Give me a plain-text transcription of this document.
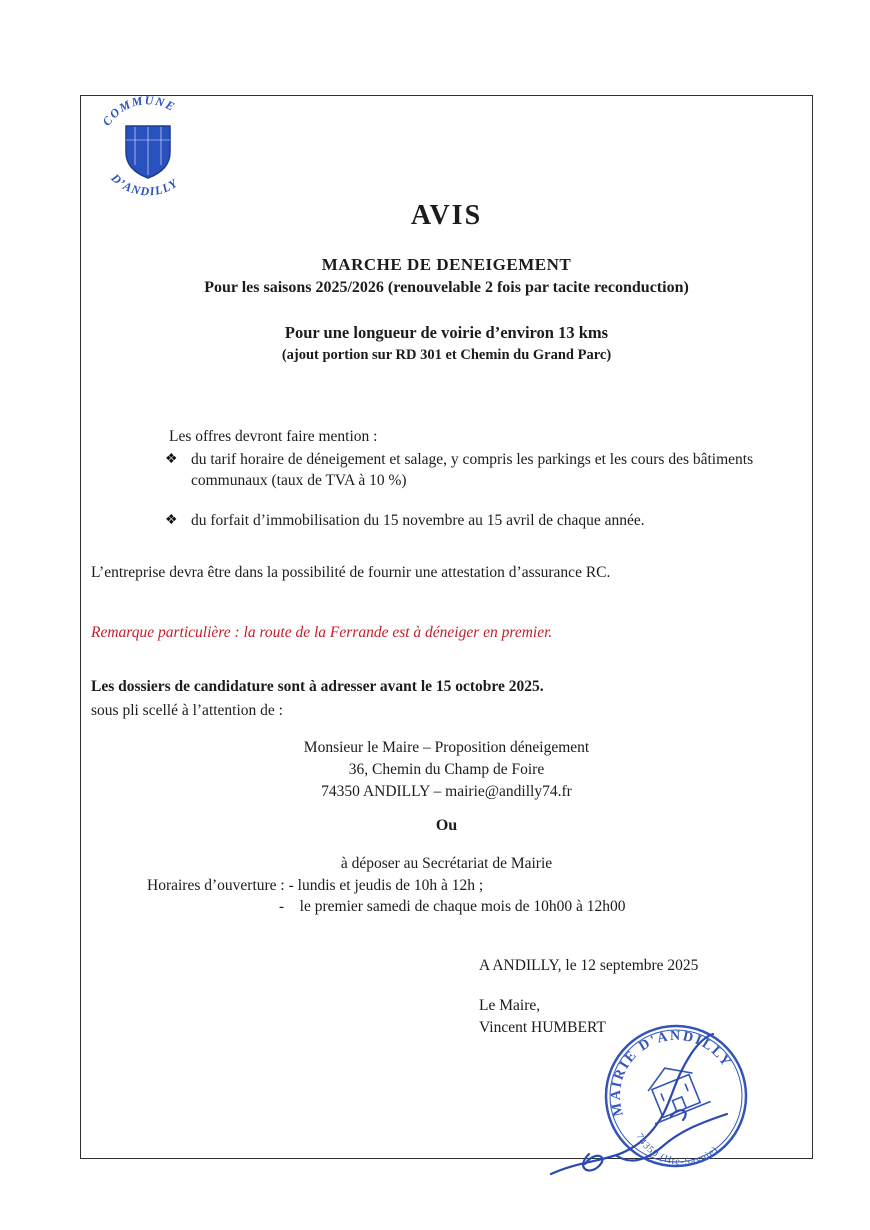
COMMUNE
D’ANDILLY
AVIS
MARCHE DE DENEIGEMENT
Pour les saisons 2025/2026 (renouvelable 2 fois par tacite reconduction)
Pour une longueur de voirie d’environ 13 kms
(ajout portion sur RD 301 et Chemin du Grand Parc)
Les offres devront faire mention :
❖ du tarif horaire de déneigement et salage, y compris les parkings et les cours des bâtiments communaux (taux de TVA à 10 %)
❖ du forfait d’immobilisation du 15 novembre au 15 avril de chaque année.
L’entreprise devra être dans la possibilité de fournir une attestation d’assurance RC.
Remarque particulière : la route de la Ferrande est à déneiger en premier.
Les dossiers de candidature sont à adresser avant le 15 octobre 2025.
sous pli scellé à l’attention de :
Monsieur le Maire – Proposition déneigement
36, Chemin du Champ de Foire
74350 ANDILLY – mairie@andilly74.fr
Ou
à déposer au Secrétariat de Mairie
Horaires d’ouverture : - lundis et jeudis de 10h à 12h ;
-    le premier samedi de chaque mois de 10h00 à 12h00
A ANDILLY, le 12 septembre 2025
Le Maire,
Vincent HUMBERT
MAIRIE D'ANDILLY
74350 (Hte-Savoie)
